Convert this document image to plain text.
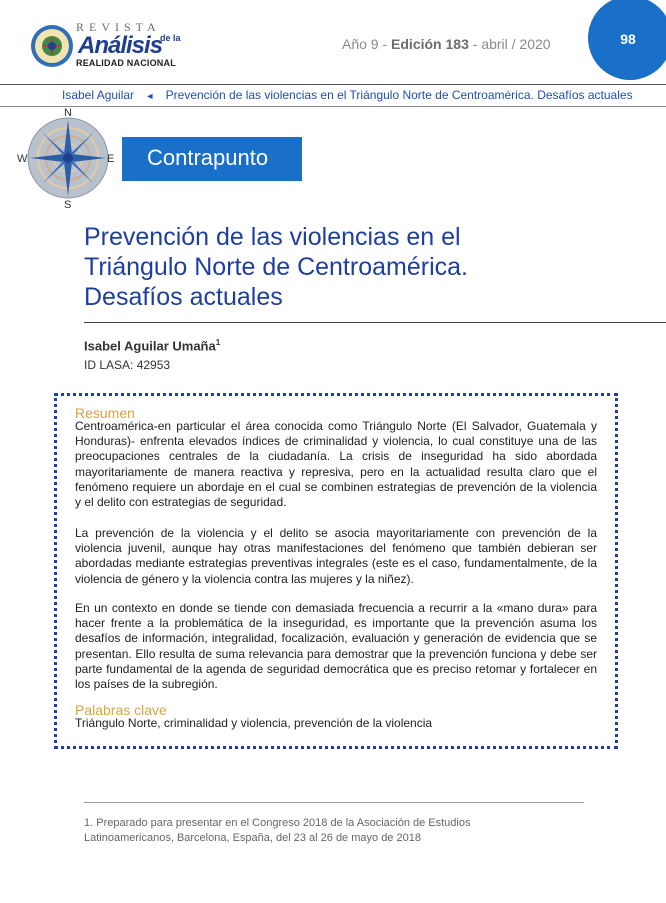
REVISTA
Análisis
de la
REALIDAD NACIONAL
Año 9 - Edición 183 - abril / 2020	98
Isabel Aguilar ◄ Prevención de las violencias en el Triángulo Norte de Centroamérica. Desafíos actuales
N
S
W	E Contrapunto
Prevención de las violencias en el
Triángulo Norte de Centroamérica.
Desafíos actuales
Isabel Aguilar Umaña$^1$
ID LASA: 42953
Resumen
Centroamérica-en particular el área conocida como Triángulo Norte (El Salvador, Guatemala y Honduras)- enfrenta elevados índices de criminalidad y violencia, lo cual constituye una de las preocupaciones centrales de la ciudadanía. La crisis de inseguridad ha sido abordada mayoritariamente de manera reactiva y represiva, pero en la actualidad resulta claro que el fenómeno requiere un abordaje en el cual se combinen estrategias de prevención de la violencia y el delito con estrategias de seguridad.
La prevención de la violencia y el delito se asocia mayoritariamente con prevención de la violencia juvenil, aunque hay otras manifestaciones del fenómeno que también debieran ser abordadas mediante estrategias preventivas integrales (este es el caso, fundamentalmente, de la violencia de género y la violencia contra las mujeres y la niñez).
En un contexto en donde se tiende con demasiada frecuencia a recurrir a la «mano dura» para hacer frente a la problemática de la inseguridad, es importante que la prevención asuma los desafíos de información, integralidad, focalización, evaluación y generación de evidencia que se presentan. Ello resulta de suma relevancia para demostrar que la prevención funciona y debe ser parte fundamental de la agenda de seguridad democrática que es preciso retomar y fortalecer en los países de la subregión.
Palabras clave
Triángulo Norte, criminalidad y violencia, prevención de la violencia
1. Preparado para presentar en el Congreso 2018 de la Asociación de Estudios
Latinoamericanos, Barcelona, España, del 23 al 26 de mayo de 2018
